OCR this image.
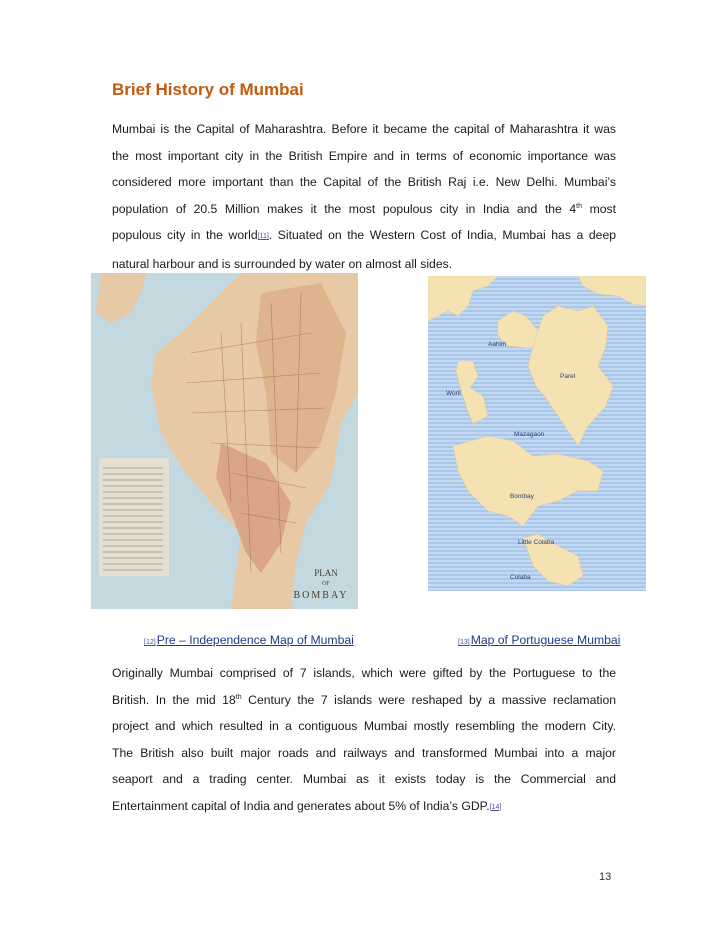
Brief History of Mumbai
Mumbai is the Capital of Maharashtra. Before it became the capital of Maharashtra it was
the most important city in the British Empire and in terms of economic importance was
considered more important than the Capital of the British Raj i.e. New Delhi. Mumbai’s
population of 20.5 Million makes it the most populous city in India and the 4th most
populous city in the world[11]. Situated on the Western Cost of India, Mumbai has a deep
natural harbour and is surrounded by water on almost all sides.
PLAN
OF
BOMBAY
Aahim
Worli
Parel
Mazagaon
Bombay
Little Colaba
Colaba
[12]Pre – Independence Map of Mumbai	[13]Map of Portuguese Mumbai
Originally Mumbai comprised of 7 islands, which were gifted by the Portuguese to the
British. In the mid 18th Century the 7 islands were reshaped by a massive reclamation
project and which resulted in a contiguous Mumbai mostly resembling the modern City.
The British also built major roads and railways and transformed Mumbai into a major
seaport and a trading center. Mumbai as it exists today is the Commercial and
Entertainment capital of India and generates about 5% of India’s GDP.[14]
13
